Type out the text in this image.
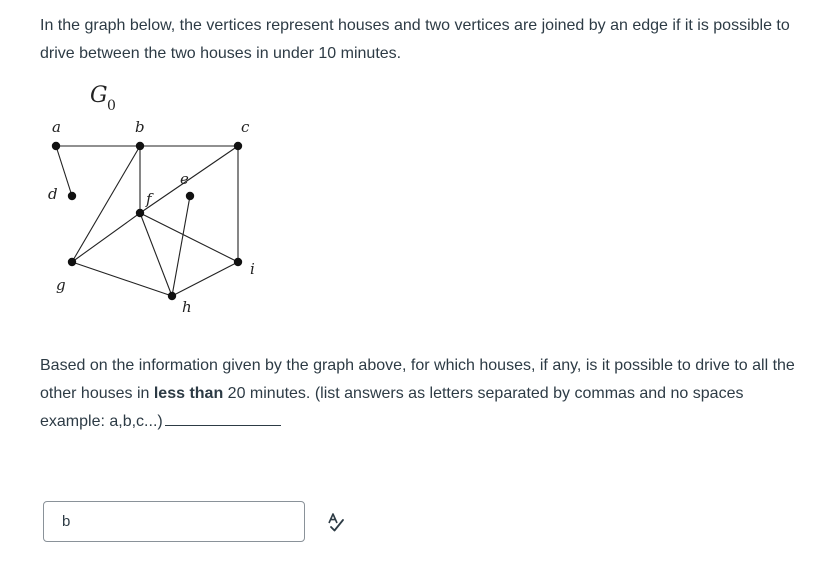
In the graph below, the vertices represent houses and two vertices are joined by an edge if it is possible to drive between the two houses in under 10 minutes.

G 0
a	b	c
d
e
f
g
h
i

Based on the information given by the graph above, for which houses, if any, is it possible to drive to all the other houses in less than 20 minutes. (list answers as letters separated by commas and no spaces example: a,b,c...)

b
